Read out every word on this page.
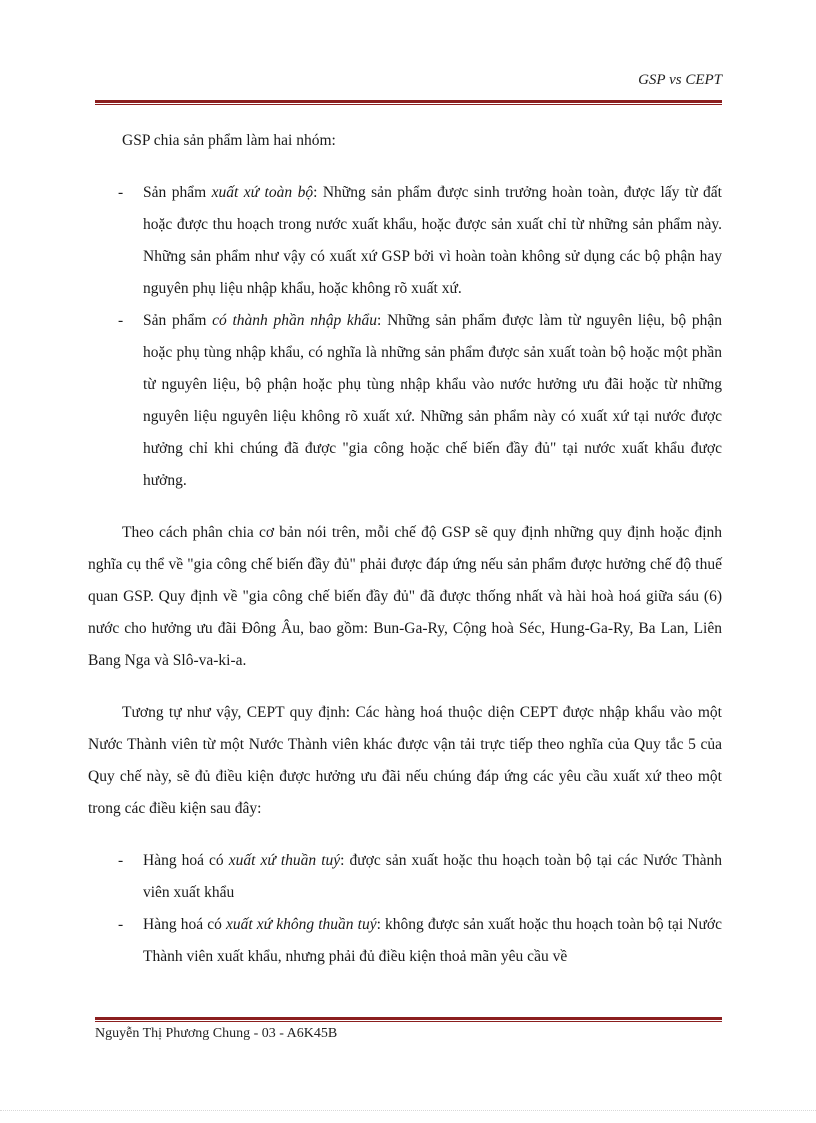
GSP vs CEPT

GSP chia sản phẩm làm hai nhóm:

- Sản phẩm xuất xứ toàn bộ: Những sản phẩm được sinh trưởng hoàn toàn, được lấy từ đất hoặc được thu hoạch trong nước xuất khẩu, hoặc được sản xuất chỉ từ những sản phẩm này. Những sản phẩm như vậy có xuất xứ GSP bởi vì hoàn toàn không sử dụng các bộ phận hay nguyên phụ liệu nhập khẩu, hoặc không rõ xuất xứ.
- Sản phẩm có thành phần nhập khẩu: Những sản phẩm được làm từ nguyên liệu, bộ phận hoặc phụ tùng nhập khẩu, có nghĩa là những sản phẩm được sản xuất toàn bộ hoặc một phần từ nguyên liệu, bộ phận hoặc phụ tùng nhập khẩu vào nước hưởng ưu đãi hoặc từ những nguyên liệu nguyên liệu không rõ xuất xứ. Những sản phẩm này có xuất xứ tại nước được hưởng chỉ khi chúng đã được "gia công hoặc chế biến đầy đủ" tại nước xuất khẩu được hưởng.

Theo cách phân chia cơ bản nói trên, mỗi chế độ GSP sẽ quy định những quy định hoặc định nghĩa cụ thể về "gia công chế biến đầy đủ" phải được đáp ứng nếu sản phẩm được hưởng chế độ thuế quan GSP. Quy định về "gia công chế biến đầy đủ" đã được thống nhất và hài hoà hoá giữa sáu (6) nước cho hưởng ưu đãi Đông Âu, bao gồm: Bun-Ga-Ry, Cộng hoà Séc, Hung-Ga-Ry, Ba Lan, Liên Bang Nga và Slô-va-ki-a.

Tương tự như vậy, CEPT quy định: Các hàng hoá thuộc diện CEPT được nhập khẩu vào một Nước Thành viên từ một Nước Thành viên khác được vận tải trực tiếp theo nghĩa của Quy tắc 5 của Quy chế này, sẽ đủ điều kiện được hưởng ưu đãi nếu chúng đáp ứng các yêu cầu xuất xứ theo một trong các điều kiện sau đây:

- Hàng hoá có xuất xứ thuần tuý: được sản xuất hoặc thu hoạch toàn bộ tại các Nước Thành viên xuất khẩu
- Hàng hoá có xuất xứ không thuần tuý: không được sản xuất hoặc thu hoạch toàn bộ tại Nước Thành viên xuất khẩu, nhưng phải đủ điều kiện thoả mãn yêu cầu về
Nguyễn Thị Phương Chung - 03 - A6K45B
